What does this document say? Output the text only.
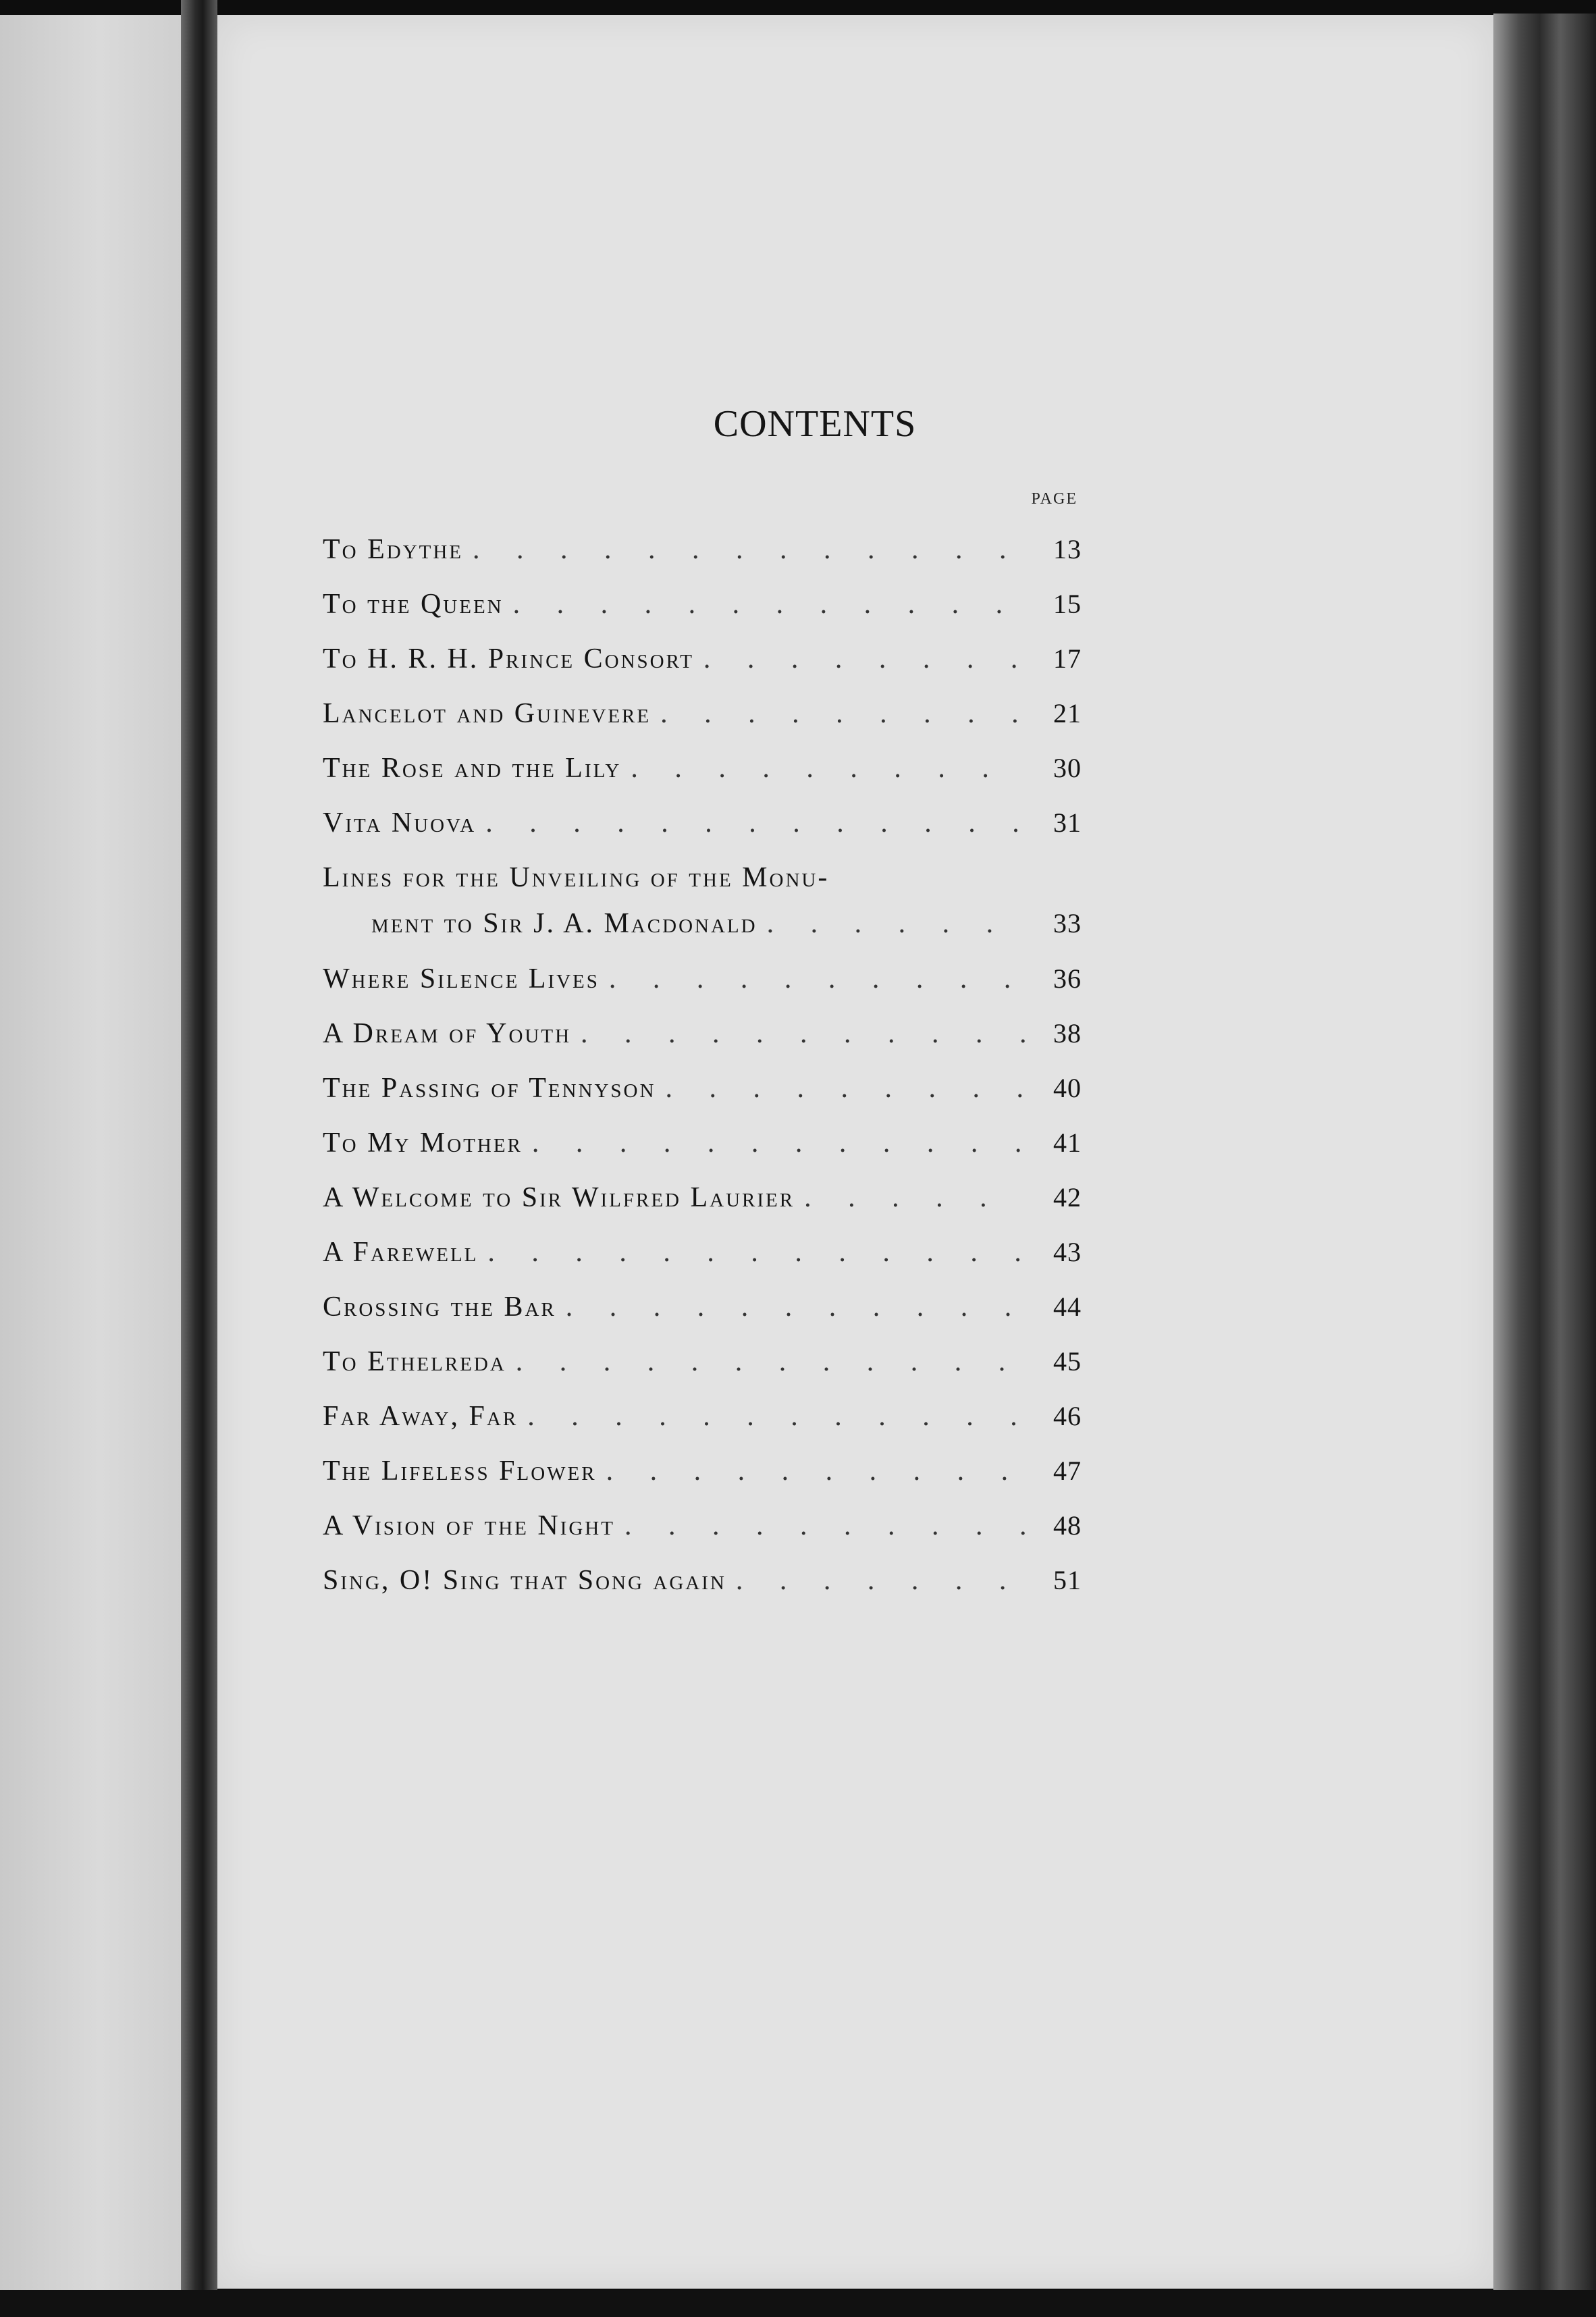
CONTENTS
PAGE
To Edythe . . .	13
To the Queen . . .	15
To H. R. H. Prince Consort . . .	17
Lancelot and Guinevere . . .	21
The Rose and the Lily . . .	30
Vita Nuova . . .	31
Lines for the Unveiling of the Monu-
ment to Sir J. A. Macdonald . . .	33
Where Silence Lives . . .	36
A Dream of Youth . . .	38
The Passing of Tennyson . . .	40
To My Mother . . .	41
A Welcome to Sir Wilfred Laurier . . .	42
A Farewell . . .	43
Crossing the Bar . . .	44
To Ethelreda . . .	45
Far Away, Far . . .	46
The Lifeless Flower . . .	47
A Vision of the Night . . .	48
Sing, O! Sing that Song again . . .	51
